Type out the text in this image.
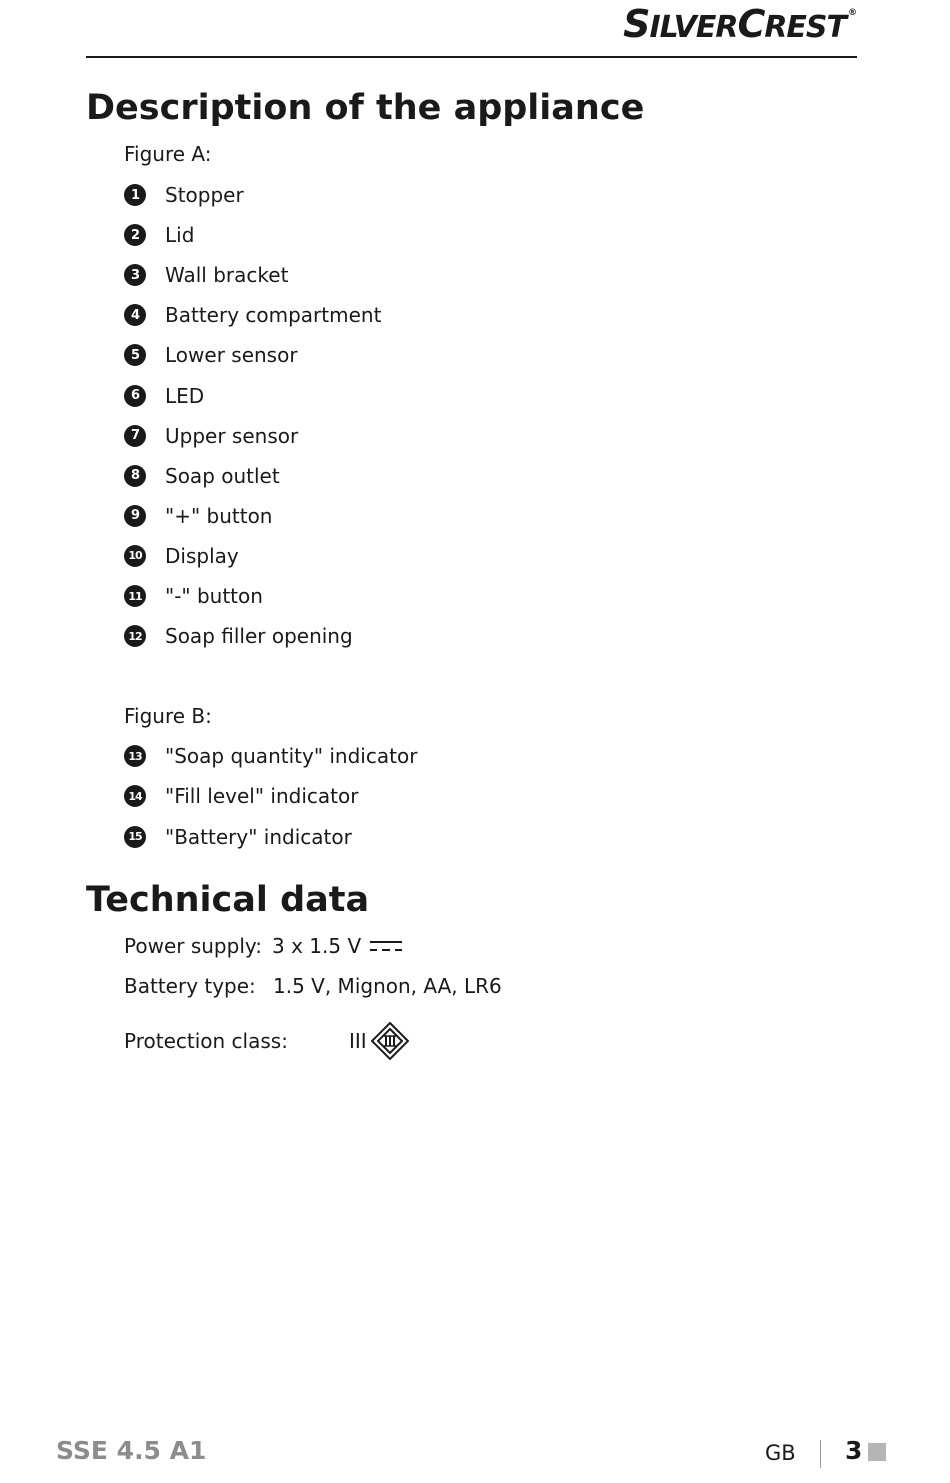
SILVERCREST ®
Description of the appliance
Figure A:
1	Stopper
2	Lid
3	Wall bracket
4	Battery compartment
5	Lower sensor
6	LED
7	Upper sensor
8	Soap outlet
9	"+" button
10 Display
11 "-" button
12 Soap filler opening
Figure B:
13 "Soap quantity" indicator
14 "Fill level" indicator
15 "Battery" indicator
Technical data
Power supply: 3 x 1.5 V
Battery type: 1.5 V, Mignon, AA, LR6
Protection class:	III
SSE 4.5 A1	GB 3
